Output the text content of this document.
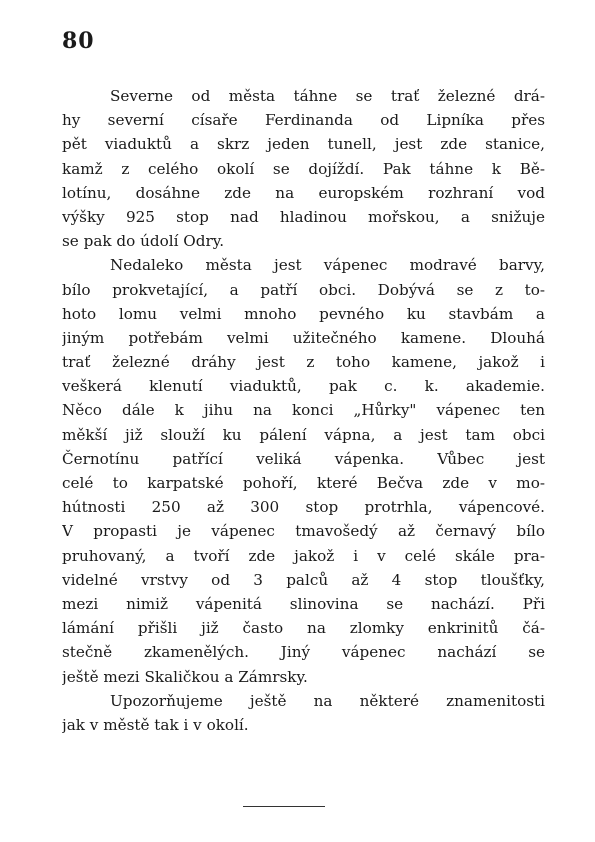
80
Severne od města táhne se trať železné drá-
hy severní císaře Ferdinanda od Lipníka přes
pět viaduktů a skrz jeden tunell, jest zde stanice,
kamž z celého okolí se dojíždí. Pak táhne k Bě-
lotínu, dosáhne zde na europském rozhraní vod
výšky 925 stop nad hladinou mořskou, a snižuje
se pak do údolí Odry.
Nedaleko města jest vápenec modravé barvy,
bílo prokvetající, a patří obci. Dobývá se z to-
hoto lomu velmi mnoho pevného ku stavbám a
jiným potřebám velmi užitečného kamene. Dlouhá
trať železné dráhy jest z toho kamene, jakož i
veškerá klenutí viaduktů, pak c. k. akademie.
Něco dále k jihu na konci „Hůrky" vápenec ten
měkší již slouží ku pálení vápna, a jest tam obci
Černotínu patřící veliká vápenka. Vůbec jest
celé to karpatské pohoří, které Bečva zde v mo-
hútnosti 250 až 300 stop protrhla, vápencové.
V propasti je vápenec tmavošedý až černavý bílo
pruhovaný, a tvoří zde jakož i v celé skále pra-
videlné vrstvy od 3 palců až 4 stop tloušťky,
mezi nimiž vápenitá slinovina se nachází. Při
lámání přišli již často na zlomky enkrinitů čá-
stečně zkamenělých. Jiný vápenec nachází se
ještě mezi Skaličkou a Zámrsky.
Upozorňujeme ještě na některé znamenitosti
jak v městě tak i v okolí.
